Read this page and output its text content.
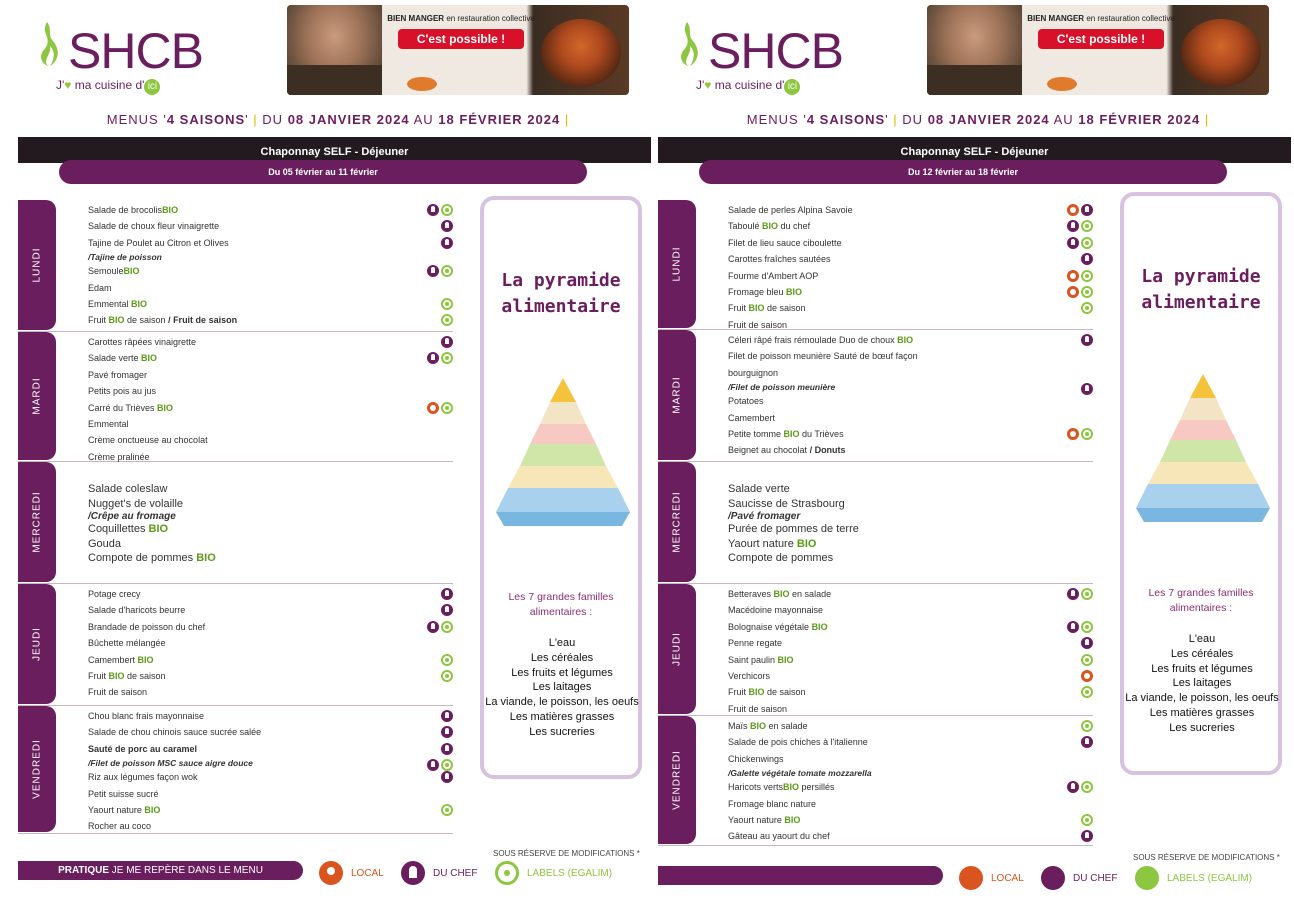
SHCB
J'♥ ma cuisine d' ici
BIEN MANGER en restauration collective
C'est possible !
MENUS '4 SAISONS' | DU 08 JANVIER 2024 AU 18 FÉVRIER 2024 |
Chaponnay SELF - Déjeuner
Du 05 février au 11 février
LUNDI
Salade de brocolisBIO
Salade de choux fleur vinaigrette
Tajine de Poulet au Citron et Olives
/Tajine de poisson
SemouleBIO
Edam
Emmental BIO
Fruit BIO de saison / Fruit de saison
MARDI
Carottes râpées vinaigrette
Salade verte BIO
Pavé fromager
Petits pois au jus
Carré du Trièves BIO
Emmental
Crème onctueuse au chocolat
Crème pralinée
MERCREDI
Salade coleslaw
Nugget's de volaille
/Crêpe au fromage
Coquillettes BIO
Gouda
Compote de pommes BIO
JEUDI
Potage crecy
Salade d'haricots beurre
Brandade de poisson du chef
Bûchette mélangée
Camembert BIO
Fruit BIO de saison
Fruit de saison
VENDREDI
Chou blanc frais mayonnaise
Salade de chou chinois sauce sucrée salée
Sauté de porc au caramel
/Filet de poisson MSC sauce aigre douce
Riz aux légumes façon wok
Petit suisse sucré
Yaourt nature BIO
Rocher au coco
La pyramide
alimentaire
Les 7 grandes familles
alimentaires :
L'eau
Les céréales
Les fruits et légumes
Les laitages
La viande, le poisson, les oeufs
Les matières grasses
Les sucreries
PRATIQUE JE ME REPÈRE DANS LE MENU	LOCAL	DU CHEF	LABELS (EGALIM)
SOUS RÉSERVE DE MODIFICATIONS *
SHCB
J'♥ ma cuisine d' ici
BIEN MANGER en restauration collective
C'est possible !
MENUS '4 SAISONS' | DU 08 JANVIER 2024 AU 18 FÉVRIER 2024 |
Chaponnay SELF - Déjeuner
Du 12 février au 18 février
LUNDI
Salade de perles Alpina Savoie
Taboulé BIO du chef
Filet de lieu sauce ciboulette
Carottes fraîches sautées
Fourme d'Ambert AOP
Fromage bleu BIO
Fruit BIO de saison
Fruit de saison
MARDI
Céleri râpé frais rémoulade Duo de choux BIO
Filet de poisson meunière Sauté de bœuf façon
bourguignon
/Filet de poisson meunière
Potatoes
Camembert
Petite tomme BIO du Trièves
Beignet au chocolat / Donuts
MERCREDI
Salade verte
Saucisse de Strasbourg
/Pavé fromager
Purée de pommes de terre
Yaourt nature BIO
Compote de pommes
JEUDI
Betteraves BIO en salade
Macédoine mayonnaise
Bolognaise végétale BIO
Penne regate
Saint paulin BIO
Verchicors
Fruit BIO de saison
Fruit de saison
VENDREDI
Maïs BIO en salade
Salade de pois chiches à l'italienne
Chickenwings
/Galette végétale tomate mozzarella
Haricots vertsBIO persillés
Fromage blanc nature
Yaourt nature BIO
Gâteau au yaourt du chef
La pyramide
alimentaire
Les 7 grandes familles
alimentaires :
L'eau
Les céréales
Les fruits et légumes
Les laitages
La viande, le poisson, les oeufs
Les matières grasses
Les sucreries
LOCAL	DU CHEF	LABELS (EGALIM)
SOUS RÉSERVE DE MODIFICATIONS *
